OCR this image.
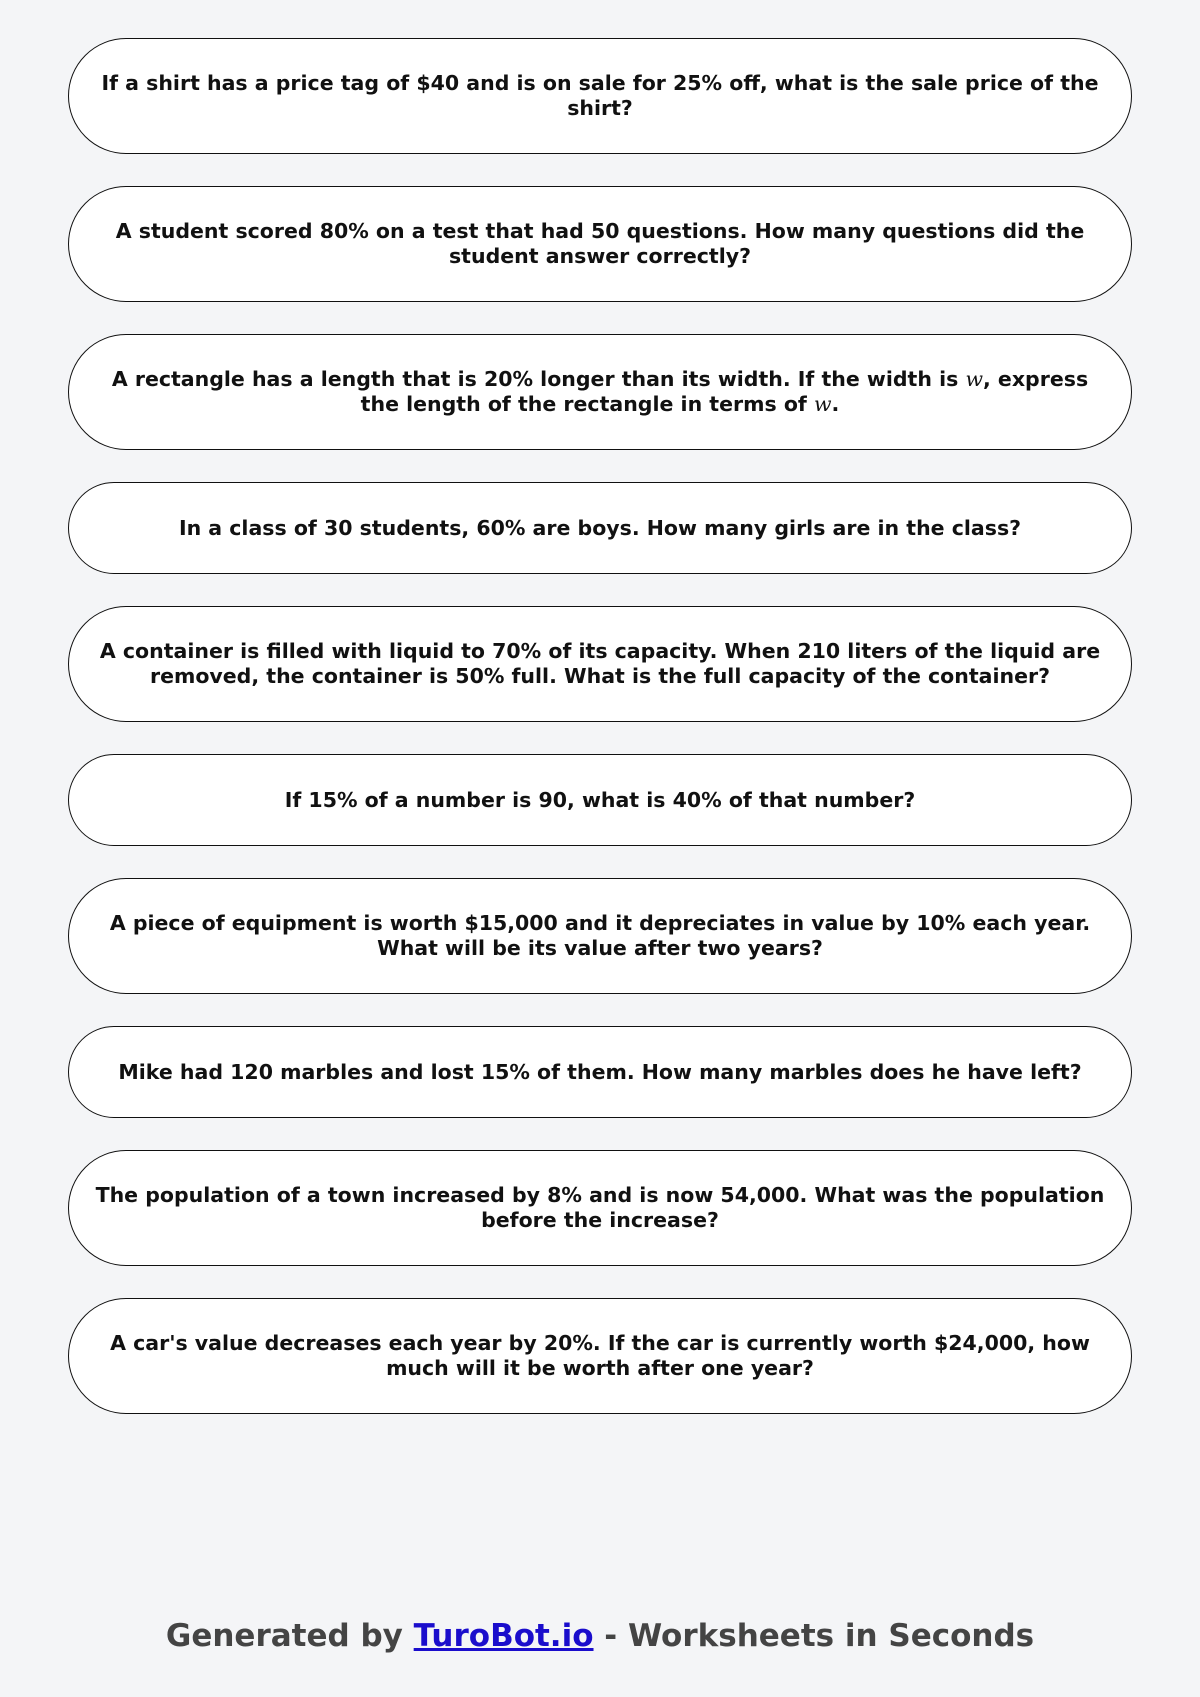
If a shirt has a price tag of $40 and is on sale for 25% off, what is the sale price of the shirt?
A student scored 80% on a test that had 50 questions. How many questions did the student answer correctly?
A rectangle has a length that is 20% longer than its width. If the width is w, express the length of the rectangle in terms of w.
In a class of 30 students, 60% are boys. How many girls are in the class?
A container is filled with liquid to 70% of its capacity. When 210 liters of the liquid are removed, the container is 50% full. What is the full capacity of the container?
If 15% of a number is 90, what is 40% of that number?
A piece of equipment is worth $15,000 and it depreciates in value by 10% each year. What will be its value after two years?
Mike had 120 marbles and lost 15% of them. How many marbles does he have left?
The population of a town increased by 8% and is now 54,000. What was the population before the increase?
A car's value decreases each year by 20%. If the car is currently worth $24,000, how much will it be worth after one year?
Generated by TuroBot.io - Worksheets in Seconds
